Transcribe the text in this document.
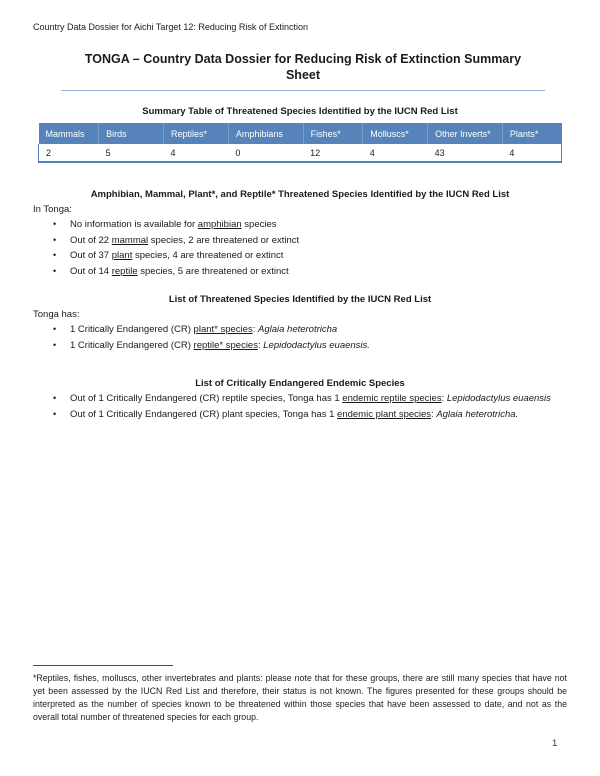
Country Data Dossier for Aichi Target 12: Reducing Risk of Extinction
TONGA – Country Data Dossier for Reducing Risk of Extinction Summary
Sheet
Summary Table of Threatened Species Identified by the IUCN Red List
Mammals	Birds	Reptiles*	Amphibians	Fishes*	Molluscs*	Other Inverts*	Plants*
2	5	4	0	12	4	43	4
Amphibian, Mammal, Plant*, and Reptile* Threatened Species Identified by the IUCN Red List
In Tonga:
• No information is available for amphibian species
• Out of 22 mammal species, 2 are threatened or extinct
• Out of 37 plant species, 4 are threatened or extinct
• Out of 14 reptile species, 5 are threatened or extinct
List of Threatened Species Identified by the IUCN Red List
Tonga has:
• 1 Critically Endangered (CR) plant* species: Aglaia heterotricha
• 1 Critically Endangered (CR) reptile* species: Lepidodactylus euaensis.
List of Critically Endangered Endemic Species
• Out of 1 Critically Endangered (CR) reptile species, Tonga has 1 endemic reptile species: Lepidodactylus euaensis
• Out of 1 Critically Endangered (CR) plant species, Tonga has 1 endemic plant species: Aglaia heterotricha.
*Reptiles, fishes, molluscs, other invertebrates and plants: please note that for these groups, there are still many species that have not yet been assessed by the IUCN Red List and therefore, their status is not known. The figures presented for these groups should be interpreted as the number of species known to be threatened within those species that have been assessed to date, and not as the overall total number of threatened species for each group.
1
